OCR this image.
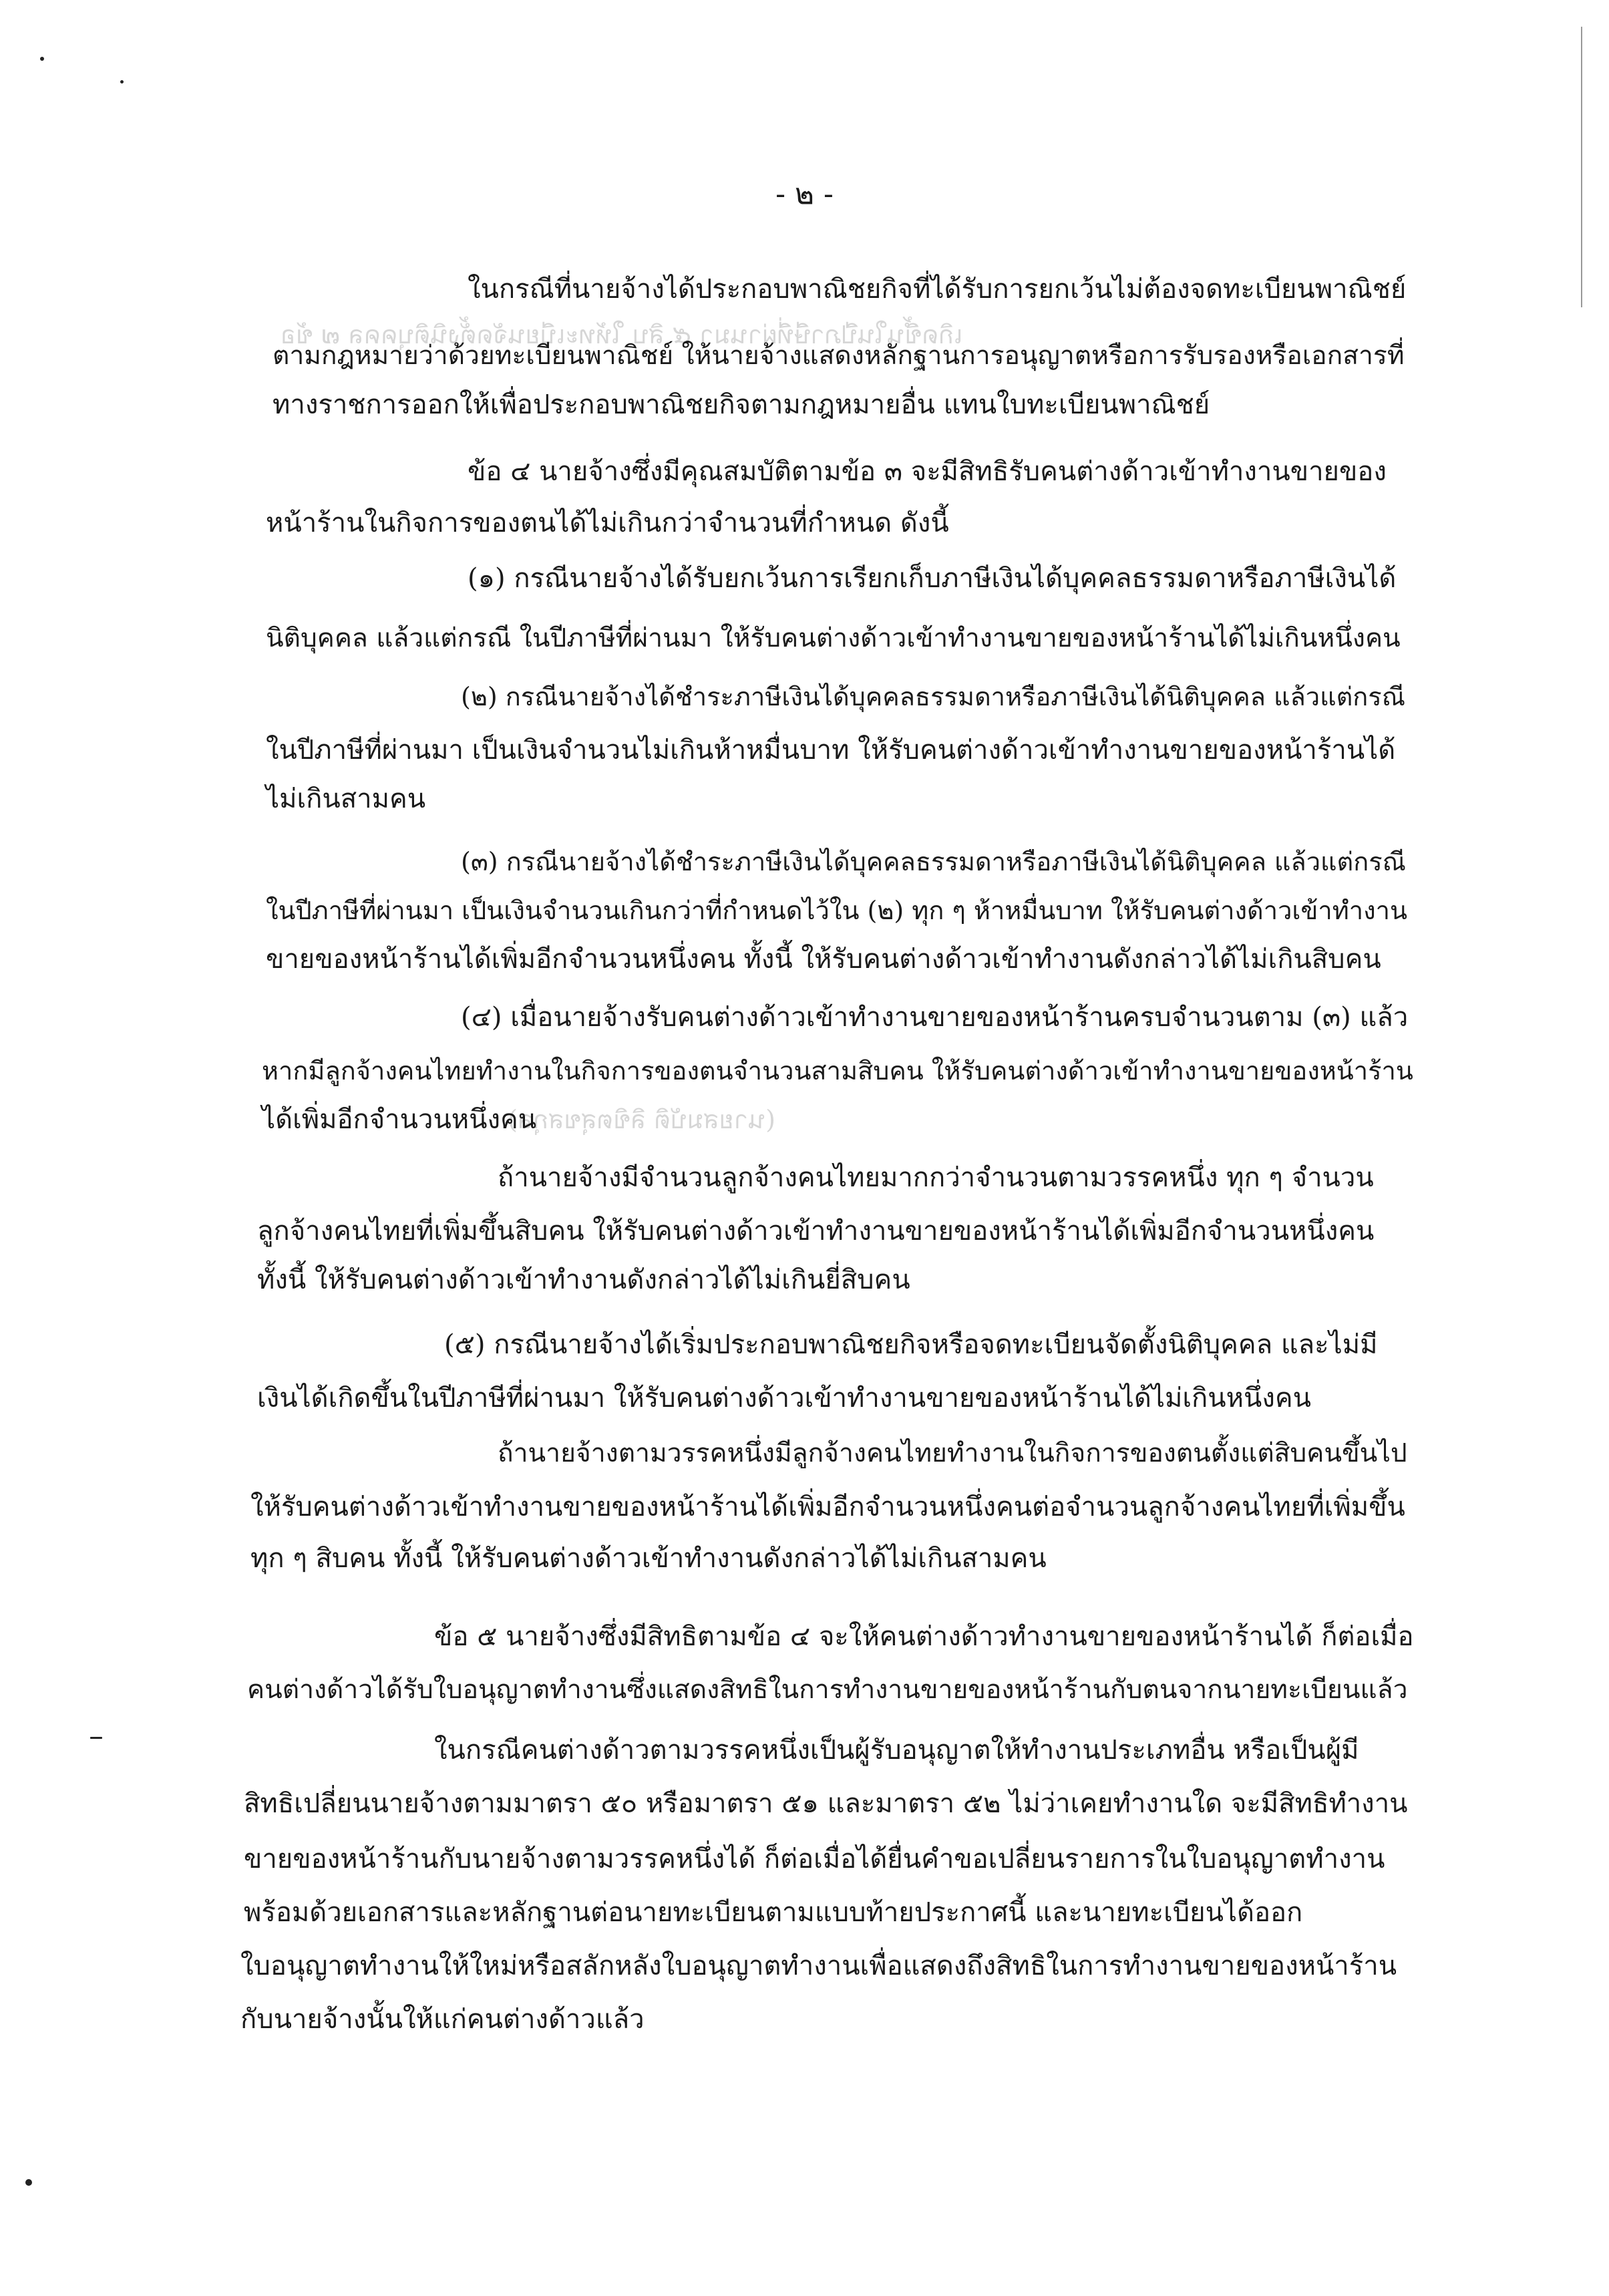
- ๒ -
เกิดขึ้นในปีภาษีที่ผ่านมา ๕ สิบ ให้ทะเบียนจัดตั้งนิติบุคคล ๗ ข้อ
(นายสมบัติ ลิขิตสุขสกุล)
ในกรณีที่นายจ้างได้ประกอบพาณิชยกิจที่ได้รับการยกเว้นไม่ต้องจดทะเบียนพาณิชย์
ตามกฎหมายว่าด้วยทะเบียนพาณิชย์ ให้นายจ้างแสดงหลักฐานการอนุญาตหรือการรับรองหรือเอกสารที่
ทางราชการออกให้เพื่อประกอบพาณิชยกิจตามกฎหมายอื่น แทนใบทะเบียนพาณิชย์
ข้อ ๔ นายจ้างซึ่งมีคุณสมบัติตามข้อ ๓ จะมีสิทธิรับคนต่างด้าวเข้าทำงานขายของ
หน้าร้านในกิจการของตนได้ไม่เกินกว่าจำนวนที่กำหนด ดังนี้
(๑) กรณีนายจ้างได้รับยกเว้นการเรียกเก็บภาษีเงินได้บุคคลธรรมดาหรือภาษีเงินได้
นิติบุคคล แล้วแต่กรณี ในปีภาษีที่ผ่านมา ให้รับคนต่างด้าวเข้าทำงานขายของหน้าร้านได้ไม่เกินหนึ่งคน
(๒) กรณีนายจ้างได้ชำระภาษีเงินได้บุคคลธรรมดาหรือภาษีเงินได้นิติบุคคล แล้วแต่กรณี
ในปีภาษีที่ผ่านมา เป็นเงินจำนวนไม่เกินห้าหมื่นบาท ให้รับคนต่างด้าวเข้าทำงานขายของหน้าร้านได้
ไม่เกินสามคน
(๓) กรณีนายจ้างได้ชำระภาษีเงินได้บุคคลธรรมดาหรือภาษีเงินได้นิติบุคคล แล้วแต่กรณี
ในปีภาษีที่ผ่านมา เป็นเงินจำนวนเกินกว่าที่กำหนดไว้ใน (๒) ทุก ๆ ห้าหมื่นบาท ให้รับคนต่างด้าวเข้าทำงาน
ขายของหน้าร้านได้เพิ่มอีกจำนวนหนึ่งคน ทั้งนี้ ให้รับคนต่างด้าวเข้าทำงานดังกล่าวได้ไม่เกินสิบคน
(๔) เมื่อนายจ้างรับคนต่างด้าวเข้าทำงานขายของหน้าร้านครบจำนวนตาม (๓) แล้ว
หากมีลูกจ้างคนไทยทำงานในกิจการของตนจำนวนสามสิบคน ให้รับคนต่างด้าวเข้าทำงานขายของหน้าร้าน
ได้เพิ่มอีกจำนวนหนึ่งคน
ถ้านายจ้างมีจำนวนลูกจ้างคนไทยมากกว่าจำนวนตามวรรคหนึ่ง ทุก ๆ จำนวน
ลูกจ้างคนไทยที่เพิ่มขึ้นสิบคน ให้รับคนต่างด้าวเข้าทำงานขายของหน้าร้านได้เพิ่มอีกจำนวนหนึ่งคน
ทั้งนี้ ให้รับคนต่างด้าวเข้าทำงานดังกล่าวได้ไม่เกินยี่สิบคน
(๕) กรณีนายจ้างได้เริ่มประกอบพาณิชยกิจหรือจดทะเบียนจัดตั้งนิติบุคคล และไม่มี
เงินได้เกิดขึ้นในปีภาษีที่ผ่านมา ให้รับคนต่างด้าวเข้าทำงานขายของหน้าร้านได้ไม่เกินหนึ่งคน
ถ้านายจ้างตามวรรคหนึ่งมีลูกจ้างคนไทยทำงานในกิจการของตนตั้งแต่สิบคนขึ้นไป
ให้รับคนต่างด้าวเข้าทำงานขายของหน้าร้านได้เพิ่มอีกจำนวนหนึ่งคนต่อจำนวนลูกจ้างคนไทยที่เพิ่มขึ้น
ทุก ๆ สิบคน ทั้งนี้ ให้รับคนต่างด้าวเข้าทำงานดังกล่าวได้ไม่เกินสามคน
ข้อ ๕ นายจ้างซึ่งมีสิทธิตามข้อ ๔ จะให้คนต่างด้าวทำงานขายของหน้าร้านได้ ก็ต่อเมื่อ
คนต่างด้าวได้รับใบอนุญาตทำงานซึ่งแสดงสิทธิในการทำงานขายของหน้าร้านกับตนจากนายทะเบียนแล้ว
ในกรณีคนต่างด้าวตามวรรคหนึ่งเป็นผู้รับอนุญาตให้ทำงานประเภทอื่น หรือเป็นผู้มี
สิทธิเปลี่ยนนายจ้างตามมาตรา ๕๐ หรือมาตรา ๕๑ และมาตรา ๕๒ ไม่ว่าเคยทำงานใด จะมีสิทธิทำงาน
ขายของหน้าร้านกับนายจ้างตามวรรคหนึ่งได้ ก็ต่อเมื่อได้ยื่นคำขอเปลี่ยนรายการในใบอนุญาตทำงาน
พร้อมด้วยเอกสารและหลักฐานต่อนายทะเบียนตามแบบท้ายประกาศนี้ และนายทะเบียนได้ออก
ใบอนุญาตทำงานให้ใหม่หรือสลักหลังใบอนุญาตทำงานเพื่อแสดงถึงสิทธิในการทำงานขายของหน้าร้าน
กับนายจ้างนั้นให้แก่คนต่างด้าวแล้ว
